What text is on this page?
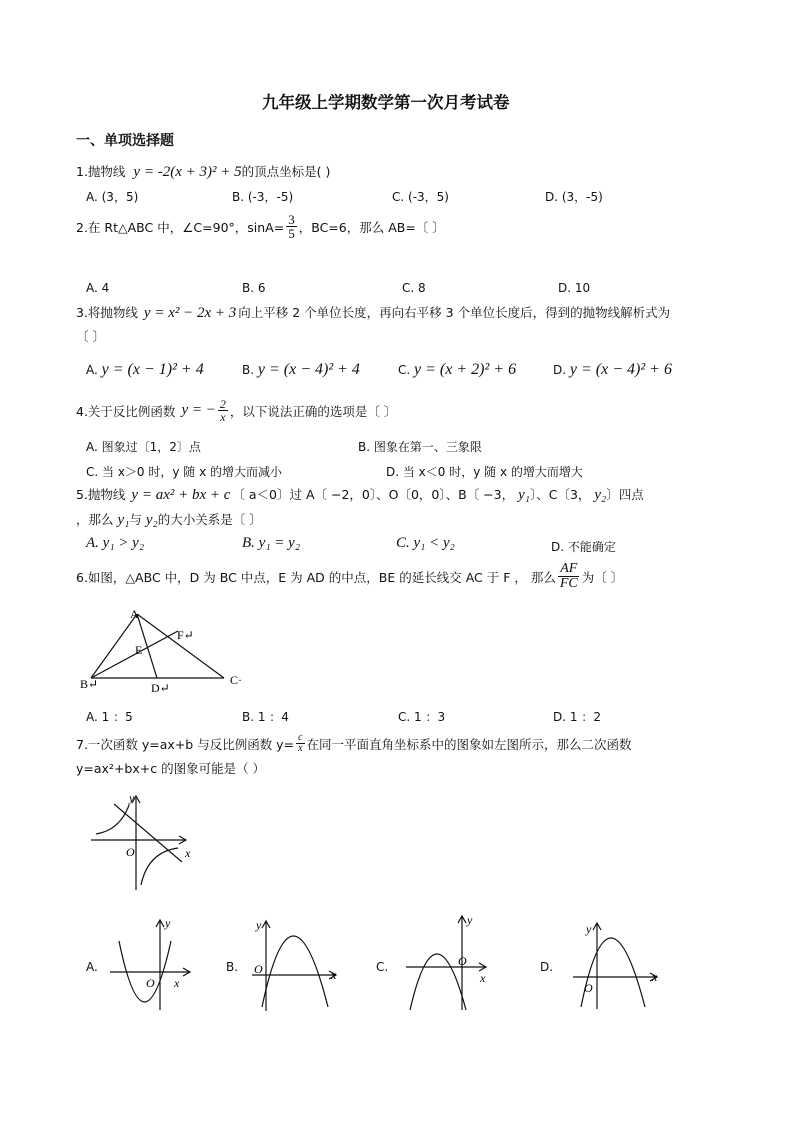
九年级上学期数学第一次月考试卷
一、单项选择题
1.抛物线 y = -2(x + 3)² + 5的顶点坐标是( )
A. (3，5)	B. (-3，-5)	C. (-3，5)	D. (3，-5)
2.在 Rt△ABC 中，∠C=90°，$\sin A= \frac{3}{5}$ ，BC=6，那么 AB=〔 〕
A. 4	B. 6	C. 8	D. 10
3.将抛物线 y = x² − 2x + 3 向上平移 2 个单位长度，再向右平移 3 个单位长度后，得到的抛物线解析式为
〔 〕
A. y = (x − 1)² + 4	B. y = (x − 4)² + 4	C. y = (x + 2)² + 6	D. y = (x − 4)² + 6
4.关于反比例函数 y = − $\frac{2}{x}$ ，以下说法正确的选项是〔 〕
A. 图象过〔1，2〕点	B. 图象在第一、三象限
C. 当 x＞0 时，y 随 x 的增大而减小	D. 当 x＜0 时，y 随 x 的增大而增大
5.抛物线 y = ax² + bx + c 〔 a＜0〕过 A〔 −2，0〕、O〔0，0〕、B〔 −3， y₁〕、C〔3， y₂〕四点
，那么 y₁与 y₂的大小关系是〔 〕
A. y₁ > y₂	B. y₁ = y₂	C. y₁ < y₂	D. 不能确定
6.如图，△ABC 中，D 为 BC 中点，E 为 AD 的中点，BE 的延长线交 AC 于 F ， 那么 $\frac{AF}{FC}$ 为〔 〕
A
B↵	C·
D↵
E
F↵
A. 1 ：5	B. 1 ：4	C. 1 ：3	D. 1 ：2
7.一次函数 y=ax+b 与反比例函数 $y= \frac{c}{x}$ 在同一平面直角坐标系中的图象如左图所示，那么二次函数
y=ax²+bx+c 的图象可能是（ ）
y
x
O
A.
y
x
O
B.
y
x
O	C.
y
x
O	D.
y
x
O
